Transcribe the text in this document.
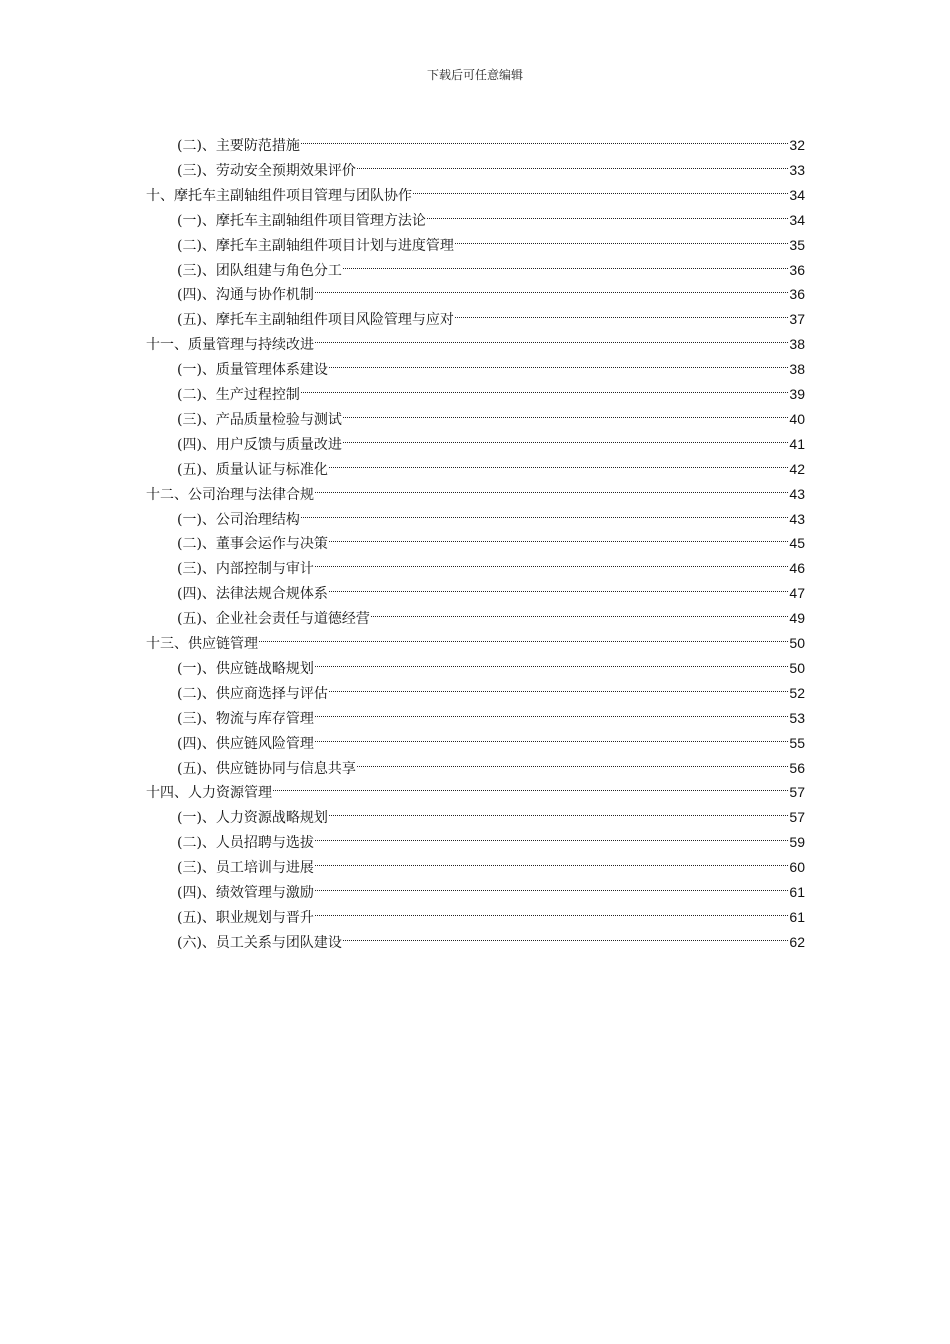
下载后可任意编辑
(二)、主要防范措施	32
(三)、劳动安全预期效果评价	33
十、摩托车主副轴组件项目管理与团队协作	34
(一)、摩托车主副轴组件项目管理方法论	34
(二)、摩托车主副轴组件项目计划与进度管理	35
(三)、团队组建与角色分工	36
(四)、沟通与协作机制	36
(五)、摩托车主副轴组件项目风险管理与应对	37
十一、质量管理与持续改进	38
(一)、质量管理体系建设	38
(二)、生产过程控制	39
(三)、产品质量检验与测试	40
(四)、用户反馈与质量改进	41
(五)、质量认证与标准化	42
十二、公司治理与法律合规	43
(一)、公司治理结构	43
(二)、董事会运作与决策	45
(三)、内部控制与审计	46
(四)、法律法规合规体系	47
(五)、企业社会责任与道德经营	49
十三、供应链管理	50
(一)、供应链战略规划	50
(二)、供应商选择与评估	52
(三)、物流与库存管理	53
(四)、供应链风险管理	55
(五)、供应链协同与信息共享	56
十四、人力资源管理	57
(一)、人力资源战略规划	57
(二)、人员招聘与选拔	59
(三)、员工培训与进展	60
(四)、绩效管理与激励	61
(五)、职业规划与晋升	61
(六)、员工关系与团队建设	62
